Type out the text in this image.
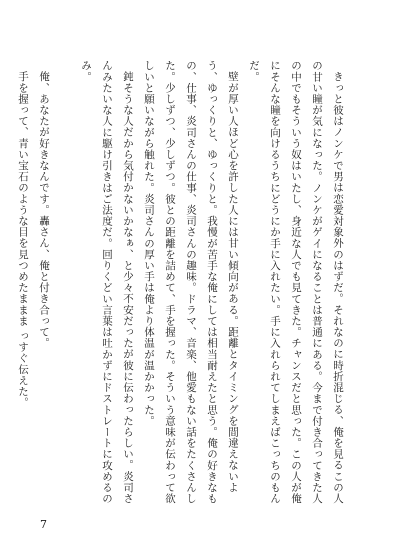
きっと彼はノンケで男は恋愛対象外のはずだ。それなのに時折混じる、俺を見るこの人の甘い瞳が気になった。ノンケがゲイになることは普通にある。今まで付き合ってきた人の中でもそういう奴はいたし、身近な人でも見てきた。チャンスだと思った。この人が俺にそんな瞳を向けるうちにどうにか手に入れたい。手に入れられてしまえばこっちのもんだ。

壁が厚い人ほど心を許した人には甘い傾向がある。距離とタイミングを間違えないよう、ゆっくりと、ゆっくりと。我慢が苦手な俺にしては相当耐えたと思う。俺の好きなもの、仕事、炎司さんの仕事、炎司さんの趣味。ドラマ、音楽、他愛もない話をたくさんした。少しずつ、少しずつ。彼との距離を詰めて、手を握った。そういう意味が伝わって欲しいと願いながら触れた。炎司さんの厚い手は俺より体温が温かかった。

鈍そうな人だから気付かないかなぁ、と少々不安だったが彼に伝わったらしい。炎司さんみたいな人に駆け引きはご法度だ。回りくどい言葉は吐かずにドストレートに攻めるのみ。

俺、あなたが好きなんです。轟さん、俺と付き合って。

手を握って、青い宝石のような目を見つめたままま っすぐ伝えた。

7
